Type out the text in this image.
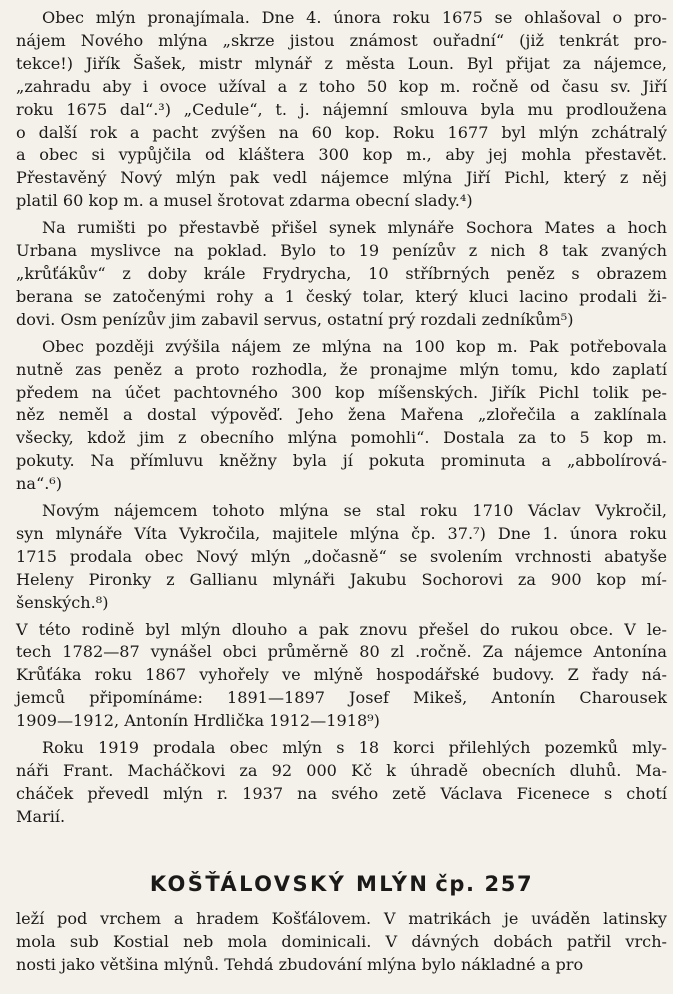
Obec mlýn pronajímala. Dne 4. února roku 1675 se ohlašoval o pro-
nájem Nového mlýna „skrze jistou známost ouřadní“ (již tenkrát pro-
tekce!) Jiřík Šašek, mistr mlynář z města Loun. Byl přijat za nájemce,
„zahradu aby i ovoce užíval a z toho 50 kop m. ročně od času sv. Jiří
roku 1675 dal“.³) „Cedule“, t. j. nájemní smlouva byla mu prodloužena
o další rok a pacht zvýšen na 60 kop. Roku 1677 byl mlýn zchátralý
a obec si vypůjčila od kláštera 300 kop m., aby jej mohla přestavět.
Přestavěný Nový mlýn pak vedl nájemce mlýna Jiří Pichl, který z něj
platil 60 kop m. a musel šrotovat zdarma obecní slady.⁴)

Na rumišti po přestavbě přišel synek mlynáře Sochora Mates a hoch
Urbana myslivce na poklad. Bylo to 19 penízův z nich 8 tak zvaných
„krůťákův“ z doby krále Frydrycha, 10 stříbrných peněz s obrazem
berana se zatočenými rohy a 1 český tolar, který kluci lacino prodali ži-
dovi. Osm penízův jim zabavil servus, ostatní prý rozdali zedníkům⁵)

Obec později zvýšila nájem ze mlýna na 100 kop m. Pak potřebovala
nutně zas peněz a proto rozhodla, že pronajme mlýn tomu, kdo zaplatí
předem na účet pachtovného 300 kop míšenských. Jiřík Pichl tolik pe-
něz neměl a dostal výpověď. Jeho žena Mařena „zlořečila a zaklínala
všecky, kdož jim z obecního mlýna pomohli“. Dostala za to 5 kop m.
pokuty. Na přímluvu kněžny byla jí pokuta prominuta a „abbolírová-
na“.⁶)

Novým nájemcem tohoto mlýna se stal roku 1710 Václav Vykročil,
syn mlynáře Víta Vykročila, majitele mlýna čp. 37.⁷) Dne 1. února roku
1715 prodala obec Nový mlýn „dočasně“ se svolením vrchnosti abatyše
Heleny Pironky z Gallianu mlynáři Jakubu Sochorovi za 900 kop mí-
šenských.⁸)

V této rodině byl mlýn dlouho a pak znovu přešel do rukou obce. V le-
tech 1782—87 vynášel obci průměrně 80 zl .ročně. Za nájemce Antonína
Krůťáka roku 1867 vyhořely ve mlýně hospodářské budovy. Z řady ná-
jemců připomínáme: 1891—1897 Josef Mikeš, Antonín Charousek
1909—1912, Antonín Hrdlička 1912—1918⁹)

Roku 1919 prodala obec mlýn s 18 korci přilehlých pozemků mly-
náři Frant. Macháčkovi za 92 000 Kč k úhradě obecních dluhů. Ma-
cháček převedl mlýn r. 1937 na svého zetě Václava Ficenece s chotí
Marií.

KOŠŤÁLOVSKÝ MLÝN čp. 257

leží pod vrchem a hradem Košťálovem. V matrikách je uváděn latinsky
mola sub Kostial neb mola dominicali. V dávných dobách patřil vrch-
nosti jako většina mlýnů. Tehdá zbudování mlýna bylo nákladné a pro
